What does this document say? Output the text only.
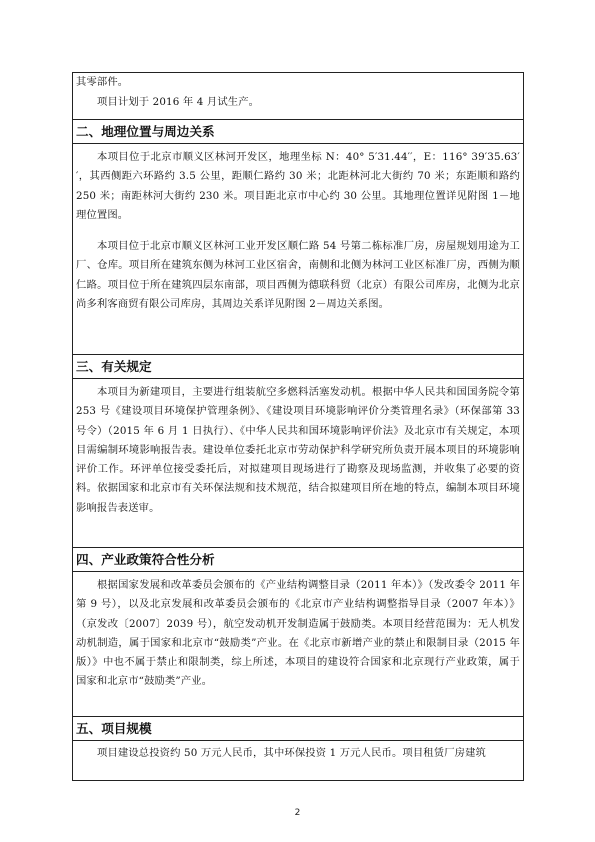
其零部件。

项目计划于 2016 年 4 月试生产。

二、地理位置与周边关系

本项目位于北京市顺义区林河开发区，地理坐标 N：40° 5′31.44′′，E：116° 39′35.63′′，其西侧距六环路约 3.5 公里，距顺仁路约 30 米；北距林河北大街约 70 米；东距顺和路约 250 米；南距林河大街约 230 米。项目距北京市中心约 30 公里。其地理位置详见附图 1－地理位置图。

本项目位于北京市顺义区林河工业开发区顺仁路 54 号第二栋标准厂房，房屋规划用途为工厂、仓库。项目所在建筑东侧为林河工业区宿舍，南侧和北侧为林河工业区标准厂房，西侧为顺仁路。项目位于所在建筑四层东南部，项目西侧为德联科贸（北京）有限公司库房，北侧为北京尚多利客商贸有限公司库房，其周边关系详见附图 2－周边关系图。

三、有关规定

本项目为新建项目，主要进行组装航空多燃料活塞发动机。根据中华人民共和国国务院令第 253 号《建设项目环境保护管理条例》、《建设项目环境影响评价分类管理名录》（环保部第 33 号令）（2015 年 6 月 1 日执行）、《中华人民共和国环境影响评价法》及北京市有关规定，本项目需编制环境影响报告表。建设单位委托北京市劳动保护科学研究所负责开展本项目的环境影响评价工作。环评单位接受委托后，对拟建项目现场进行了勘察及现场监测，并收集了必要的资料。依据国家和北京市有关环保法规和技术规范，结合拟建项目所在地的特点，编制本项目环境影响报告表送审。

四、产业政策符合性分析

根据国家发展和改革委员会颁布的《产业结构调整目录（2011 年本）》（发改委令 2011 年第 9 号），以及北京发展和改革委员会颁布的《北京市产业结构调整指导目录（2007 年本）》（京发改〔2007〕2039 号），航空发动机开发制造属于鼓励类。本项目经营范围为：无人机发动机制造，属于国家和北京市“鼓励类”产业。在《北京市新增产业的禁止和限制目录（2015 年版）》中也不属于禁止和限制类，综上所述，本项目的建设符合国家和北京现行产业政策，属于国家和北京市“鼓励类”产业。

五、项目规模

项目建设总投资约 50 万元人民币，其中环保投资 1 万元人民币。项目租赁厂房建筑

2
